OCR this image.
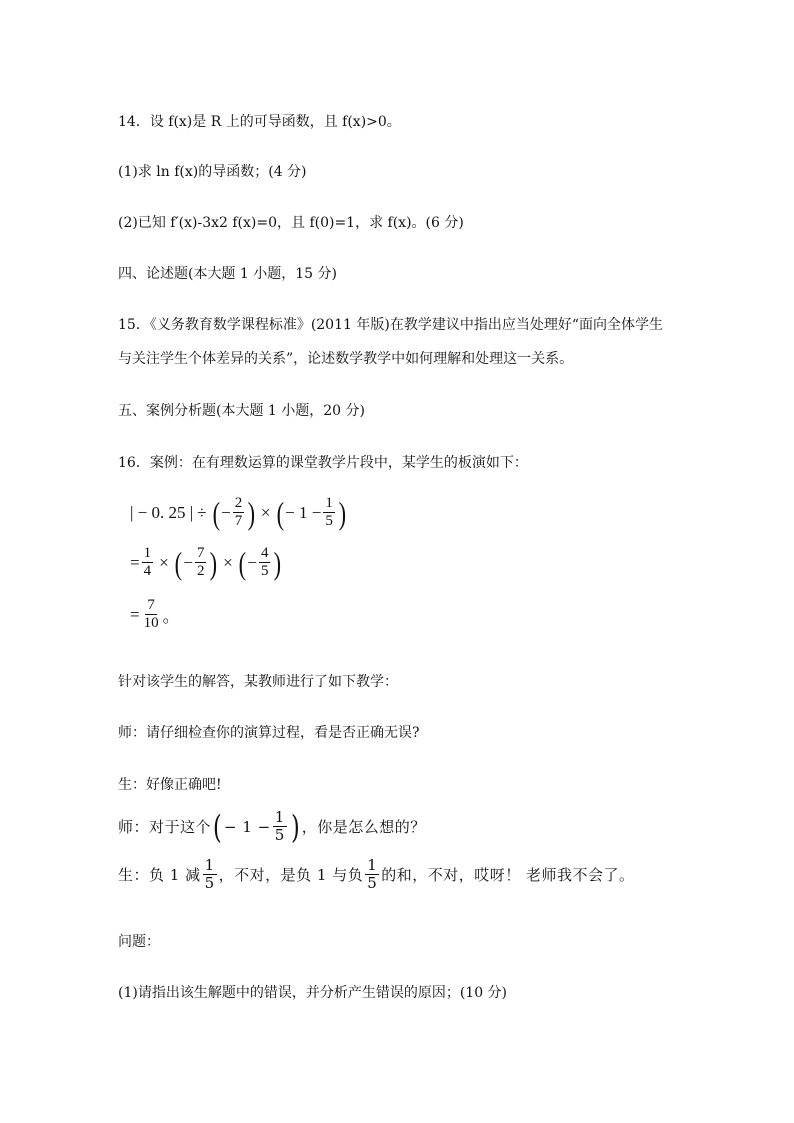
14．设 f(x)是 R 上的可导函数，且 f(x)>0。
(1)求 ln f(x)的导函数；(4 分)
(2)已知 f′(x)-3x2 f(x)=0，且 f(0)=1，求 f(x)。(6 分)
四、论述题(本大题 1 小题，15 分)
15．《义务教育数学课程标准》(2011 年版)在教学建议中指出应当处理好“面向全体学生
与关注学生个体差异的关系”，论述数学教学中如何理解和处理这一关系。
五、案例分析题(本大题 1 小题，20 分)
16．案例：在有理数运算的课堂教学片段中，某学生的板演如下：
| − 0. 25 | ÷ ( − $\frac{2}{7}$ ) × ( − $1 - \frac{1}{5}$ )
= $\frac{1}{4}$ × ( − $\frac{7}{2}$ ) × ( − $\frac{4}{5}$ )
= $\frac{7}{10}$ 。
针对该学生的解答，某教师进行了如下教学：
师：请仔细检查你的演算过程，看是否正确无误?
生：好像正确吧!
师：对于这个 ( − $1 - \frac{1}{5}$ ) ，你是怎么想的？
生：负 1 减 $\frac{1}{5}$ ，不对，是负 1 与负 $\frac{1}{5}$ 的和，不对，哎呀！ 老师我不会了。
问题：
(1)请指出该生解题中的错误，并分析产生错误的原因；(10 分)
